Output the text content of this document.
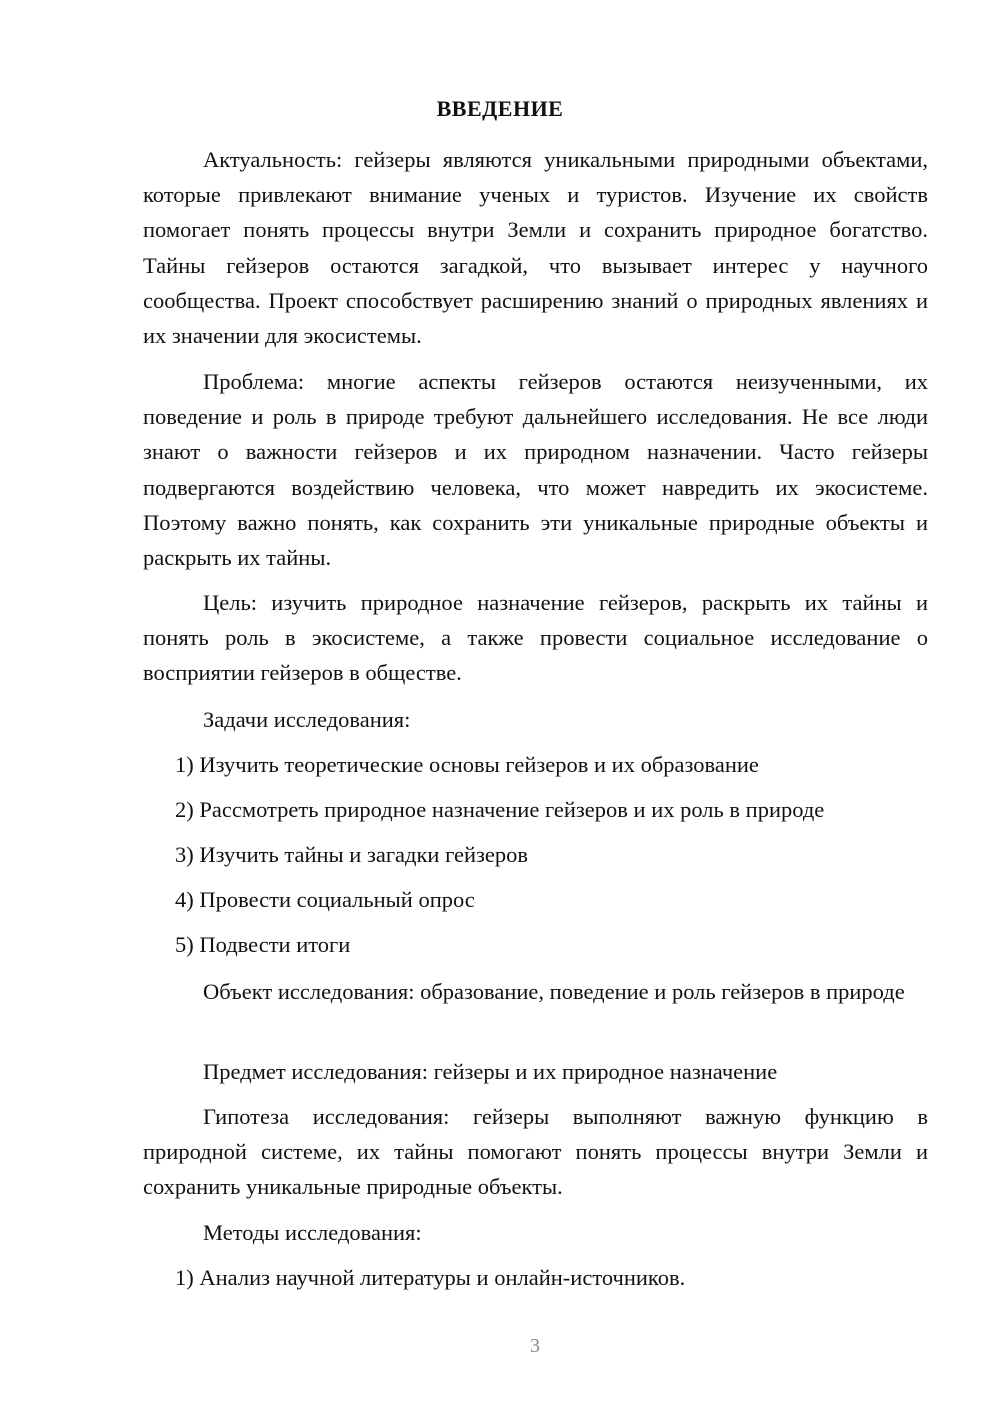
ВВЕДЕНИЕ

Актуальность: гейзеры являются уникальными природными объектами, которые привлекают внимание ученых и туристов. Изучение их свойств помогает понять процессы внутри Земли и сохранить природное богатство. Тайны гейзеров остаются загадкой, что вызывает интерес у научного сообщества. Проект способствует расширению знаний о природных явлениях и их значении для экосистемы.

Проблема: многие аспекты гейзеров остаются неизученными, их поведение и роль в природе требуют дальнейшего исследования. Не все люди знают о важности гейзеров и их природном назначении. Часто гейзеры подвергаются воздействию человека, что может навредить их экосистеме. Поэтому важно понять, как сохранить эти уникальные природные объекты и раскрыть их тайны.

Цель: изучить природное назначение гейзеров, раскрыть их тайны и понять роль в экосистеме, а также провести социальное исследование о восприятии гейзеров в обществе.

Задачи исследования:

1) Изучить теоретические основы гейзеров и их образование

2) Рассмотреть природное назначение гейзеров и их роль в природе

3) Изучить тайны и загадки гейзеров

4) Провести социальный опрос

5) Подвести итоги

Объект исследования: образование, поведение и роль гейзеров в природе

Предмет исследования: гейзеры и их природное назначение

Гипотеза исследования: гейзеры выполняют важную функцию в природной системе, их тайны помогают понять процессы внутри Земли и сохранить уникальные природные объекты.

Методы исследования:

1) Анализ научной литературы и онлайн-источников.

3
